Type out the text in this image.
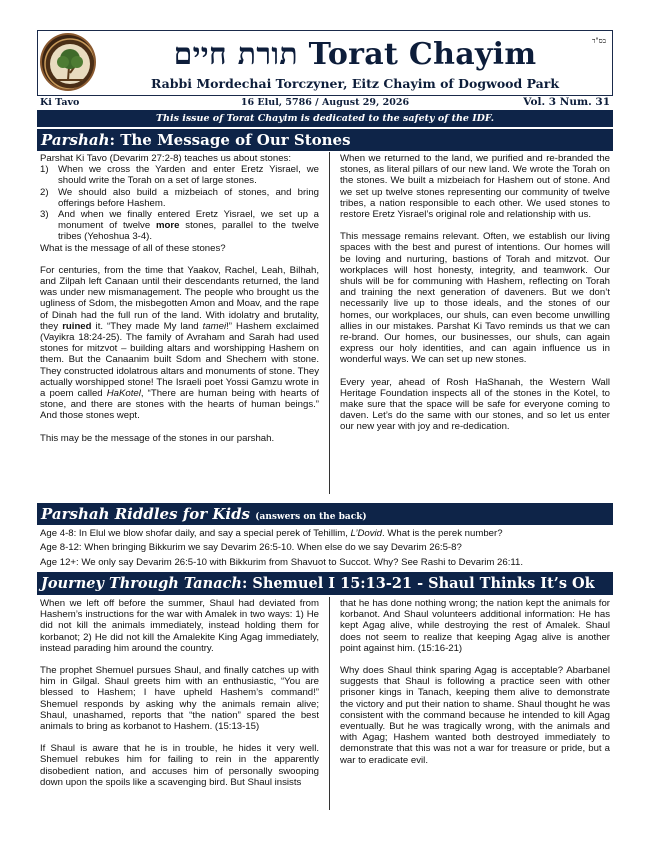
בס"ד
תורת חיים Torat Chayim
Rabbi Mordechai Torczyner, Eitz Chayim of Dogwood Park
Ki Tavo	16 Elul, 5786 / August 29, 2026	Vol. 3 Num. 31
This issue of Torat Chayim is dedicated to the safety of the IDF.
Parshah: The Message of Our Stones

Parshat Ki Tavo (Devarim 27:2-8) teaches us about stones:

1) When we cross the Yarden and enter Eretz Yisrael, we should write the Torah on a set of large stones.
2) We should also build a mizbeiach of stones, and bring offerings before Hashem.
3) And when we finally entered Eretz Yisrael, we set up a monument of twelve more stones, parallel to the twelve tribes (Yehoshua 3-4).

What is the message of all of these stones?

For centuries, from the time that Yaakov, Rachel, Leah, Bilhah, and Zilpah left Canaan until their descendants returned, the land was under new mismanagement. The people who brought us the ugliness of Sdom, the misbegotten Amon and Moav, and the rape of Dinah had the full run of the land. With idolatry and brutality, they ruined it. “They made My land tamei!” Hashem exclaimed (Vayikra 18:24-25). The family of Avraham and Sarah had used stones for mitzvot – building altars and worshipping Hashem on them. But the Canaanim built Sdom and Shechem with stone. They constructed idolatrous altars and monuments of stone. They actually worshipped stone! The Israeli poet Yossi Gamzu wrote in a poem called HaKotel, “There are human being with hearts of stone, and there are stones with the hearts of human beings.” And those stones wept.

This may be the message of the stones in our parshah.

When we returned to the land, we purified and re-branded the stones, as literal pillars of our new land. We wrote the Torah on the stones. We built a mizbeiach for Hashem out of stone. And we set up twelve stones representing our community of twelve tribes, a nation responsible to each other. We used stones to restore Eretz Yisrael’s original role and relationship with us.

This message remains relevant. Often, we establish our living spaces with the best and purest of intentions. Our homes will be loving and nurturing, bastions of Torah and mitzvot. Our workplaces will host honesty, integrity, and teamwork. Our shuls will be for communing with Hashem, reflecting on Torah and training the next generation of daveners. But we don’t necessarily live up to those ideals, and the stones of our homes, our workplaces, our shuls, can even become unwilling allies in our mistakes. Parshat Ki Tavo reminds us that we can re-brand. Our homes, our businesses, our shuls, can again express our holy identities, and can again influence us in wonderful ways. We can set up new stones.

Every year, ahead of Rosh HaShanah, the Western Wall Heritage Foundation inspects all of the stones in the Kotel, to make sure that the space will be safe for everyone coming to daven. Let’s do the same with our stones, and so let us enter our new year with joy and re-dedication.

Parshah Riddles for Kids (answers on the back)
Age 4-8: In Elul we blow shofar daily, and say a special perek of Tehillim, L’Dovid. What is the perek number?
Age 8-12: When bringing Bikkurim we say Devarim 26:5-10. When else do we say Devarim 26:5-8?
Age 12+: We only say Devarim 26:5-10 with Bikkurim from Shavuot to Succot. Why? See Rashi to Devarim 26:11.
Journey Through Tanach: Shemuel I 15:13-21 - Shaul Thinks It’s Ok

When we left off before the summer, Shaul had deviated from Hashem’s instructions for the war with Amalek in two ways: 1) He did not kill the animals immediately, instead holding them for korbanot; 2) He did not kill the Amalekite King Agag immediately, instead parading him around the country.

The prophet Shemuel pursues Shaul, and finally catches up with him in Gilgal. Shaul greets him with an enthusiastic, “You are blessed to Hashem; I have upheld Hashem’s command!” Shemuel responds by asking why the animals remain alive; Shaul, unashamed, reports that “the nation” spared the best animals to bring as korbanot to Hashem. (15:13-15)

If Shaul is aware that he is in trouble, he hides it very well. Shemuel rebukes him for failing to rein in the apparently disobedient nation, and accuses him of personally swooping down upon the spoils like a scavenging bird. But Shaul insists

that he has done nothing wrong; the nation kept the animals for korbanot. And Shaul volunteers additional information: He has kept Agag alive, while destroying the rest of Amalek. Shaul does not seem to realize that keeping Agag alive is another point against him. (15:16-21)

Why does Shaul think sparing Agag is acceptable? Abarbanel suggests that Shaul is following a practice seen with other prisoner kings in Tanach, keeping them alive to demonstrate the victory and put their nation to shame. Shaul thought he was consistent with the command because he intended to kill Agag eventually. But he was tragically wrong, with the animals and with Agag; Hashem wanted both destroyed immediately to demonstrate that this was not a war for treasure or pride, but a war to eradicate evil.
